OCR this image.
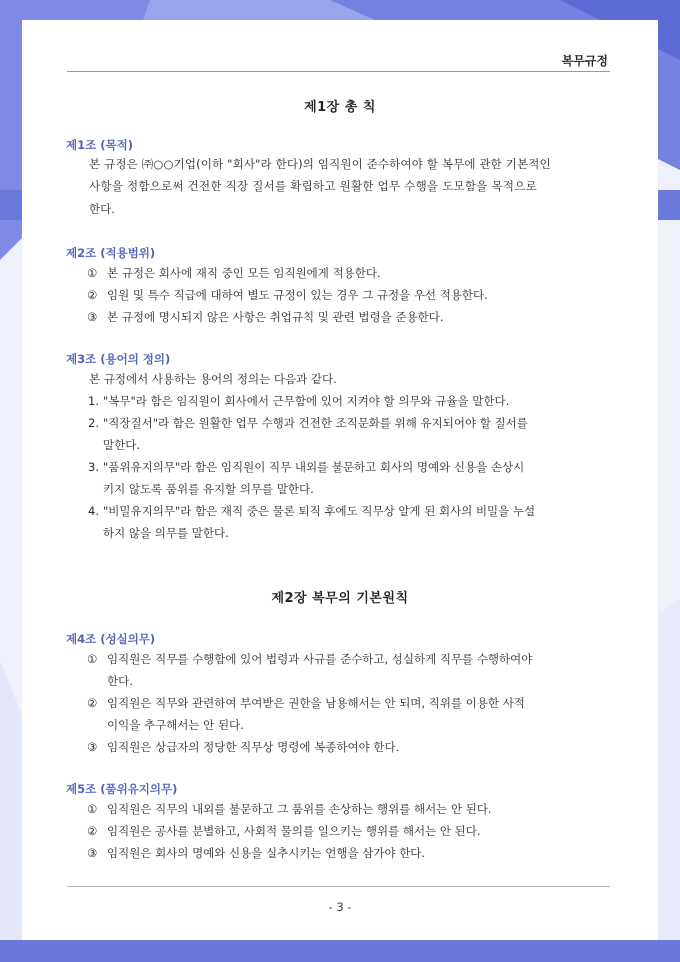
복무규정
제1장 총 칙
제1조 (목적)
본 규정은 ㈜○○기업(이하 "회사"라 한다)의 임직원이 준수하여야 할 복무에 관한 기본적인
사항을 정함으로써 건전한 직장 질서를 확립하고 원활한 업무 수행을 도모함을 목적으로
한다.
제2조 (적용범위)
① 본 규정은 회사에 재직 중인 모든 임직원에게 적용한다.
② 임원 및 특수 직급에 대하여 별도 규정이 있는 경우 그 규정을 우선 적용한다.
③ 본 규정에 명시되지 않은 사항은 취업규칙 및 관련 법령을 준용한다.
제3조 (용어의 정의)
본 규정에서 사용하는 용어의 정의는 다음과 같다.
1. "복무"라 함은 임직원이 회사에서 근무함에 있어 지켜야 할 의무와 규율을 말한다.
2. "직장질서"라 함은 원활한 업무 수행과 건전한 조직문화를 위해 유지되어야 할 질서를
말한다.
3. "품위유지의무"라 함은 임직원이 직무 내외를 불문하고 회사의 명예와 신용을 손상시
키지 않도록 품위를 유지할 의무를 말한다.
4. "비밀유지의무"라 함은 재직 중은 물론 퇴직 후에도 직무상 알게 된 회사의 비밀을 누설
하지 않을 의무를 말한다.
제2장 복무의 기본원칙
제4조 (성실의무)
① 임직원은 직무를 수행함에 있어 법령과 사규를 준수하고, 성실하게 직무를 수행하여야
한다.
② 임직원은 직무와 관련하여 부여받은 권한을 남용해서는 안 되며, 직위를 이용한 사적
이익을 추구해서는 안 된다.
③ 임직원은 상급자의 정당한 직무상 명령에 복종하여야 한다.
제5조 (품위유지의무)
① 임직원은 직무의 내외를 불문하고 그 품위를 손상하는 행위를 해서는 안 된다.
② 임직원은 공사를 분별하고, 사회적 물의를 일으키는 행위를 해서는 안 된다.
③ 임직원은 회사의 명예와 신용을 실추시키는 언행을 삼가야 한다.
- 3 -
